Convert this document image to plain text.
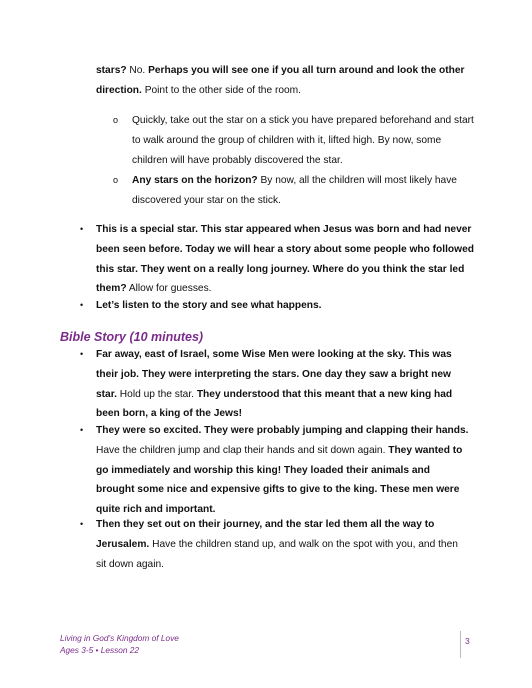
stars? No. Perhaps you will see one if you all turn around and look the other direction. Point to the other side of the room.

o Quickly, take out the star on a stick you have prepared beforehand and start to walk around the group of children with it, lifted high. By now, some children will have probably discovered the star.

o Any stars on the horizon? By now, all the children will most likely have discovered your star on the stick.

• This is a special star. This star appeared when Jesus was born and had never been seen before. Today we will hear a story about some people who followed this star. They went on a really long journey. Where do you think the star led them? Allow for guesses.

• Let’s listen to the story and see what happens.

Bible Story (10 minutes)
• Far away, east of Israel, some Wise Men were looking at the sky. This was their job. They were interpreting the stars. One day they saw a bright new star. Hold up the star. They understood that this meant that a new king had been born, a king of the Jews!

• They were so excited. They were probably jumping and clapping their hands. Have the children jump and clap their hands and sit down again. They wanted to go immediately and worship this king! They loaded their animals and brought some nice and expensive gifts to give to the king. These men were quite rich and important.

• Then they set out on their journey, and the star led them all the way to Jerusalem. Have the children stand up, and walk on the spot with you, and then sit down again.

Living in God’s Kingdom of Love
Ages 3-5 • Lesson 22
3
